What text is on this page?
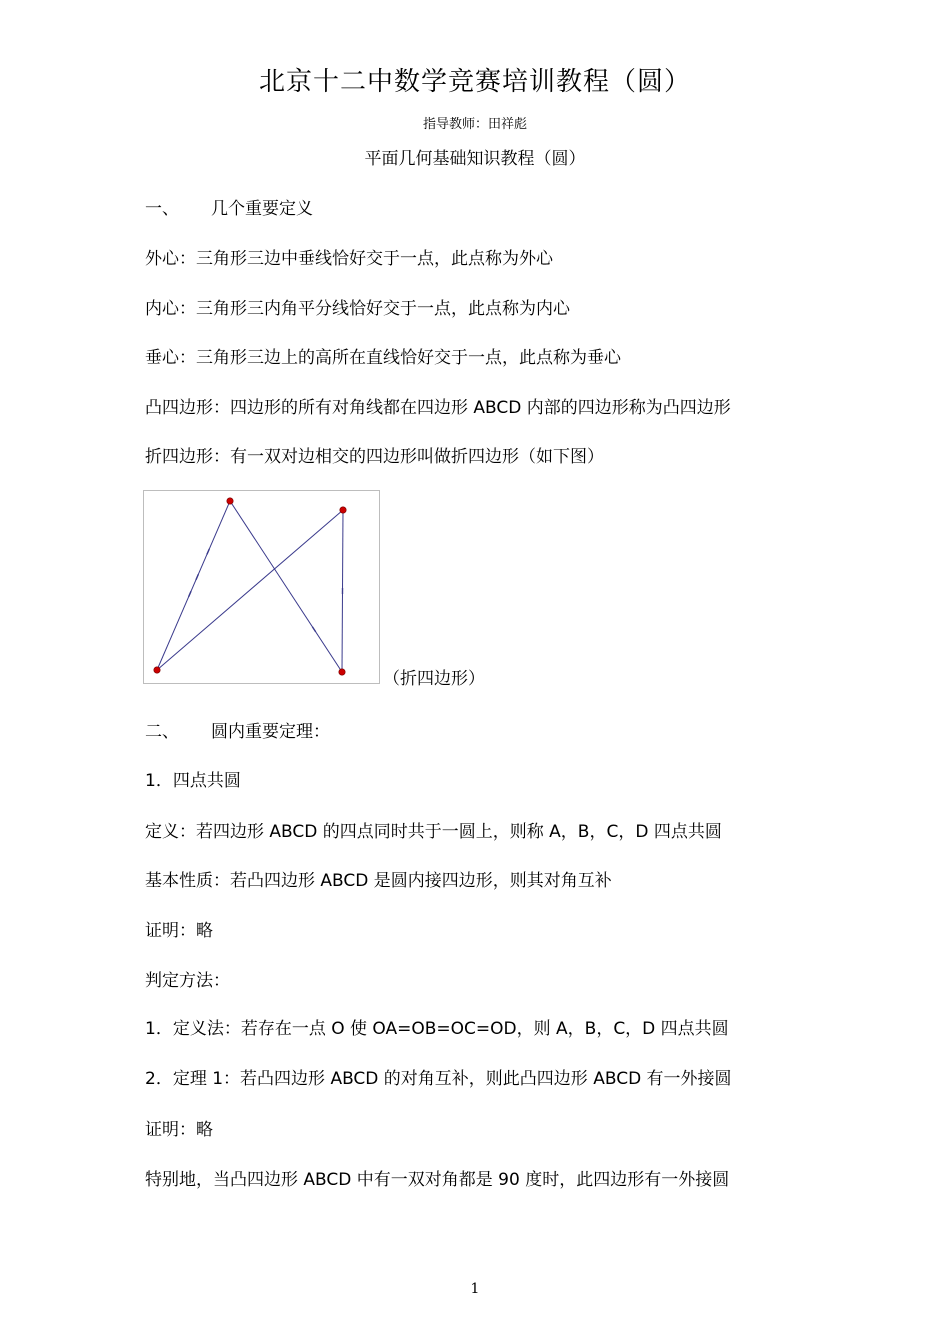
北京十二中数学竞赛培训教程（圆）
指导教师：田祥彪
平面几何基础知识教程（圆）
一、 几个重要定义
外心：三角形三边中垂线恰好交于一点，此点称为外心
内心：三角形三内角平分线恰好交于一点，此点称为内心
垂心：三角形三边上的高所在直线恰好交于一点，此点称为垂心
凸四边形：四边形的所有对角线都在四边形 ABCD 内部的四边形称为凸四边形
折四边形：有一双对边相交的四边形叫做折四边形（如下图）
（折四边形）
二、 圆内重要定理：
1．四点共圆
定义：若四边形 ABCD 的四点同时共于一圆上，则称 A，B，C，D 四点共圆
基本性质：若凸四边形 ABCD 是圆内接四边形，则其对角互补
证明：略
判定方法：
1．定义法：若存在一点 O 使 OA=OB=OC=OD，则 A，B，C，D 四点共圆
2．定理 1：若凸四边形 ABCD 的对角互补，则此凸四边形 ABCD 有一外接圆
证明：略
特别地，当凸四边形 ABCD 中有一双对角都是 90 度时，此四边形有一外接圆
1
